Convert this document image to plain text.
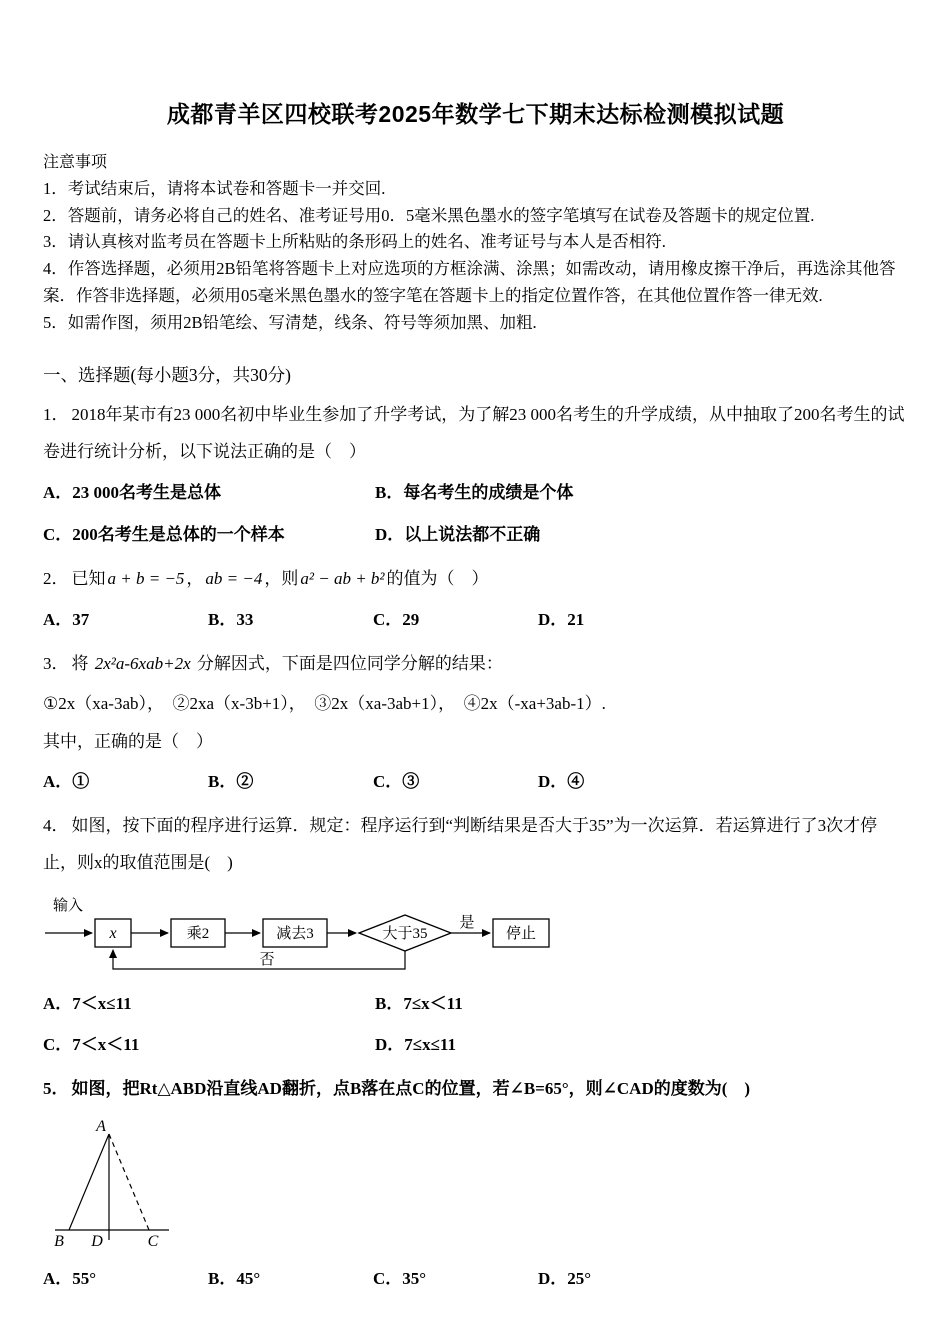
成都青羊区四校联考2025年数学七下期末达标检测模拟试题
注意事项

1．考试结束后，请将本试卷和答题卡一并交回.

2．答题前，请务必将自己的姓名、准考证号用0．5毫米黑色墨水的签字笔填写在试卷及答题卡的规定位置.

3．请认真核对监考员在答题卡上所粘贴的条形码上的姓名、准考证号与本人是否相符.

4．作答选择题，必须用2B铅笔将答题卡上对应选项的方框涂满、涂黑；如需改动，请用橡皮擦干净后，再选涂其他答案．作答非选择题，必须用05毫米黑色墨水的签字笔在答题卡上的指定位置作答，在其他位置作答一律无效.

5．如需作图，须用2B铅笔绘、写清楚，线条、符号等须加黑、加粗.

一、选择题(每小题3分，共30分)

1． 2018年某市有23 000名初中毕业生参加了升学考试，为了解23 000名考生的升学成绩，从中抽取了200名考生的试卷进行统计分析，以下说法正确的是（　）

A．23 000名考生是总体	B．每名考生的成绩是个体
C．200名考生是总体的一个样本	D．以上说法都不正确

2． 已知 a + b = −5 ， ab = −4 ，则 a² − ab + b² 的值为（　）

A．37	B．33	C．29	D．21

3． 将 2x²a-6xab+2x 分解因式，下面是四位同学分解的结果：

①2x（xa-3ab），　②2xa（x-3b+1），　③2x（xa-3ab+1），　④2x（-xa+3ab-1）.

其中，正确的是（　）

A．①	B．②	C．③	D．④

4． 如图，按下面的程序进行运算．规定：程序运行到“判断结果是否大于35”为一次运算．若运算进行了3次才停止，则x的取值范围是(　)

输入
x	乘2	减去3	大于35
是
停止
否
A．7＜x≤11	B．7≤x＜11
C．7＜x＜11	D．7≤x≤11

5． 如图，把Rt△ABD沿直线AD翻折，点B落在点C的位置，若∠B=65°，则∠CAD的度数为(　)

A
B D	C
A．55°	B．45°	C．35°	D．25°
